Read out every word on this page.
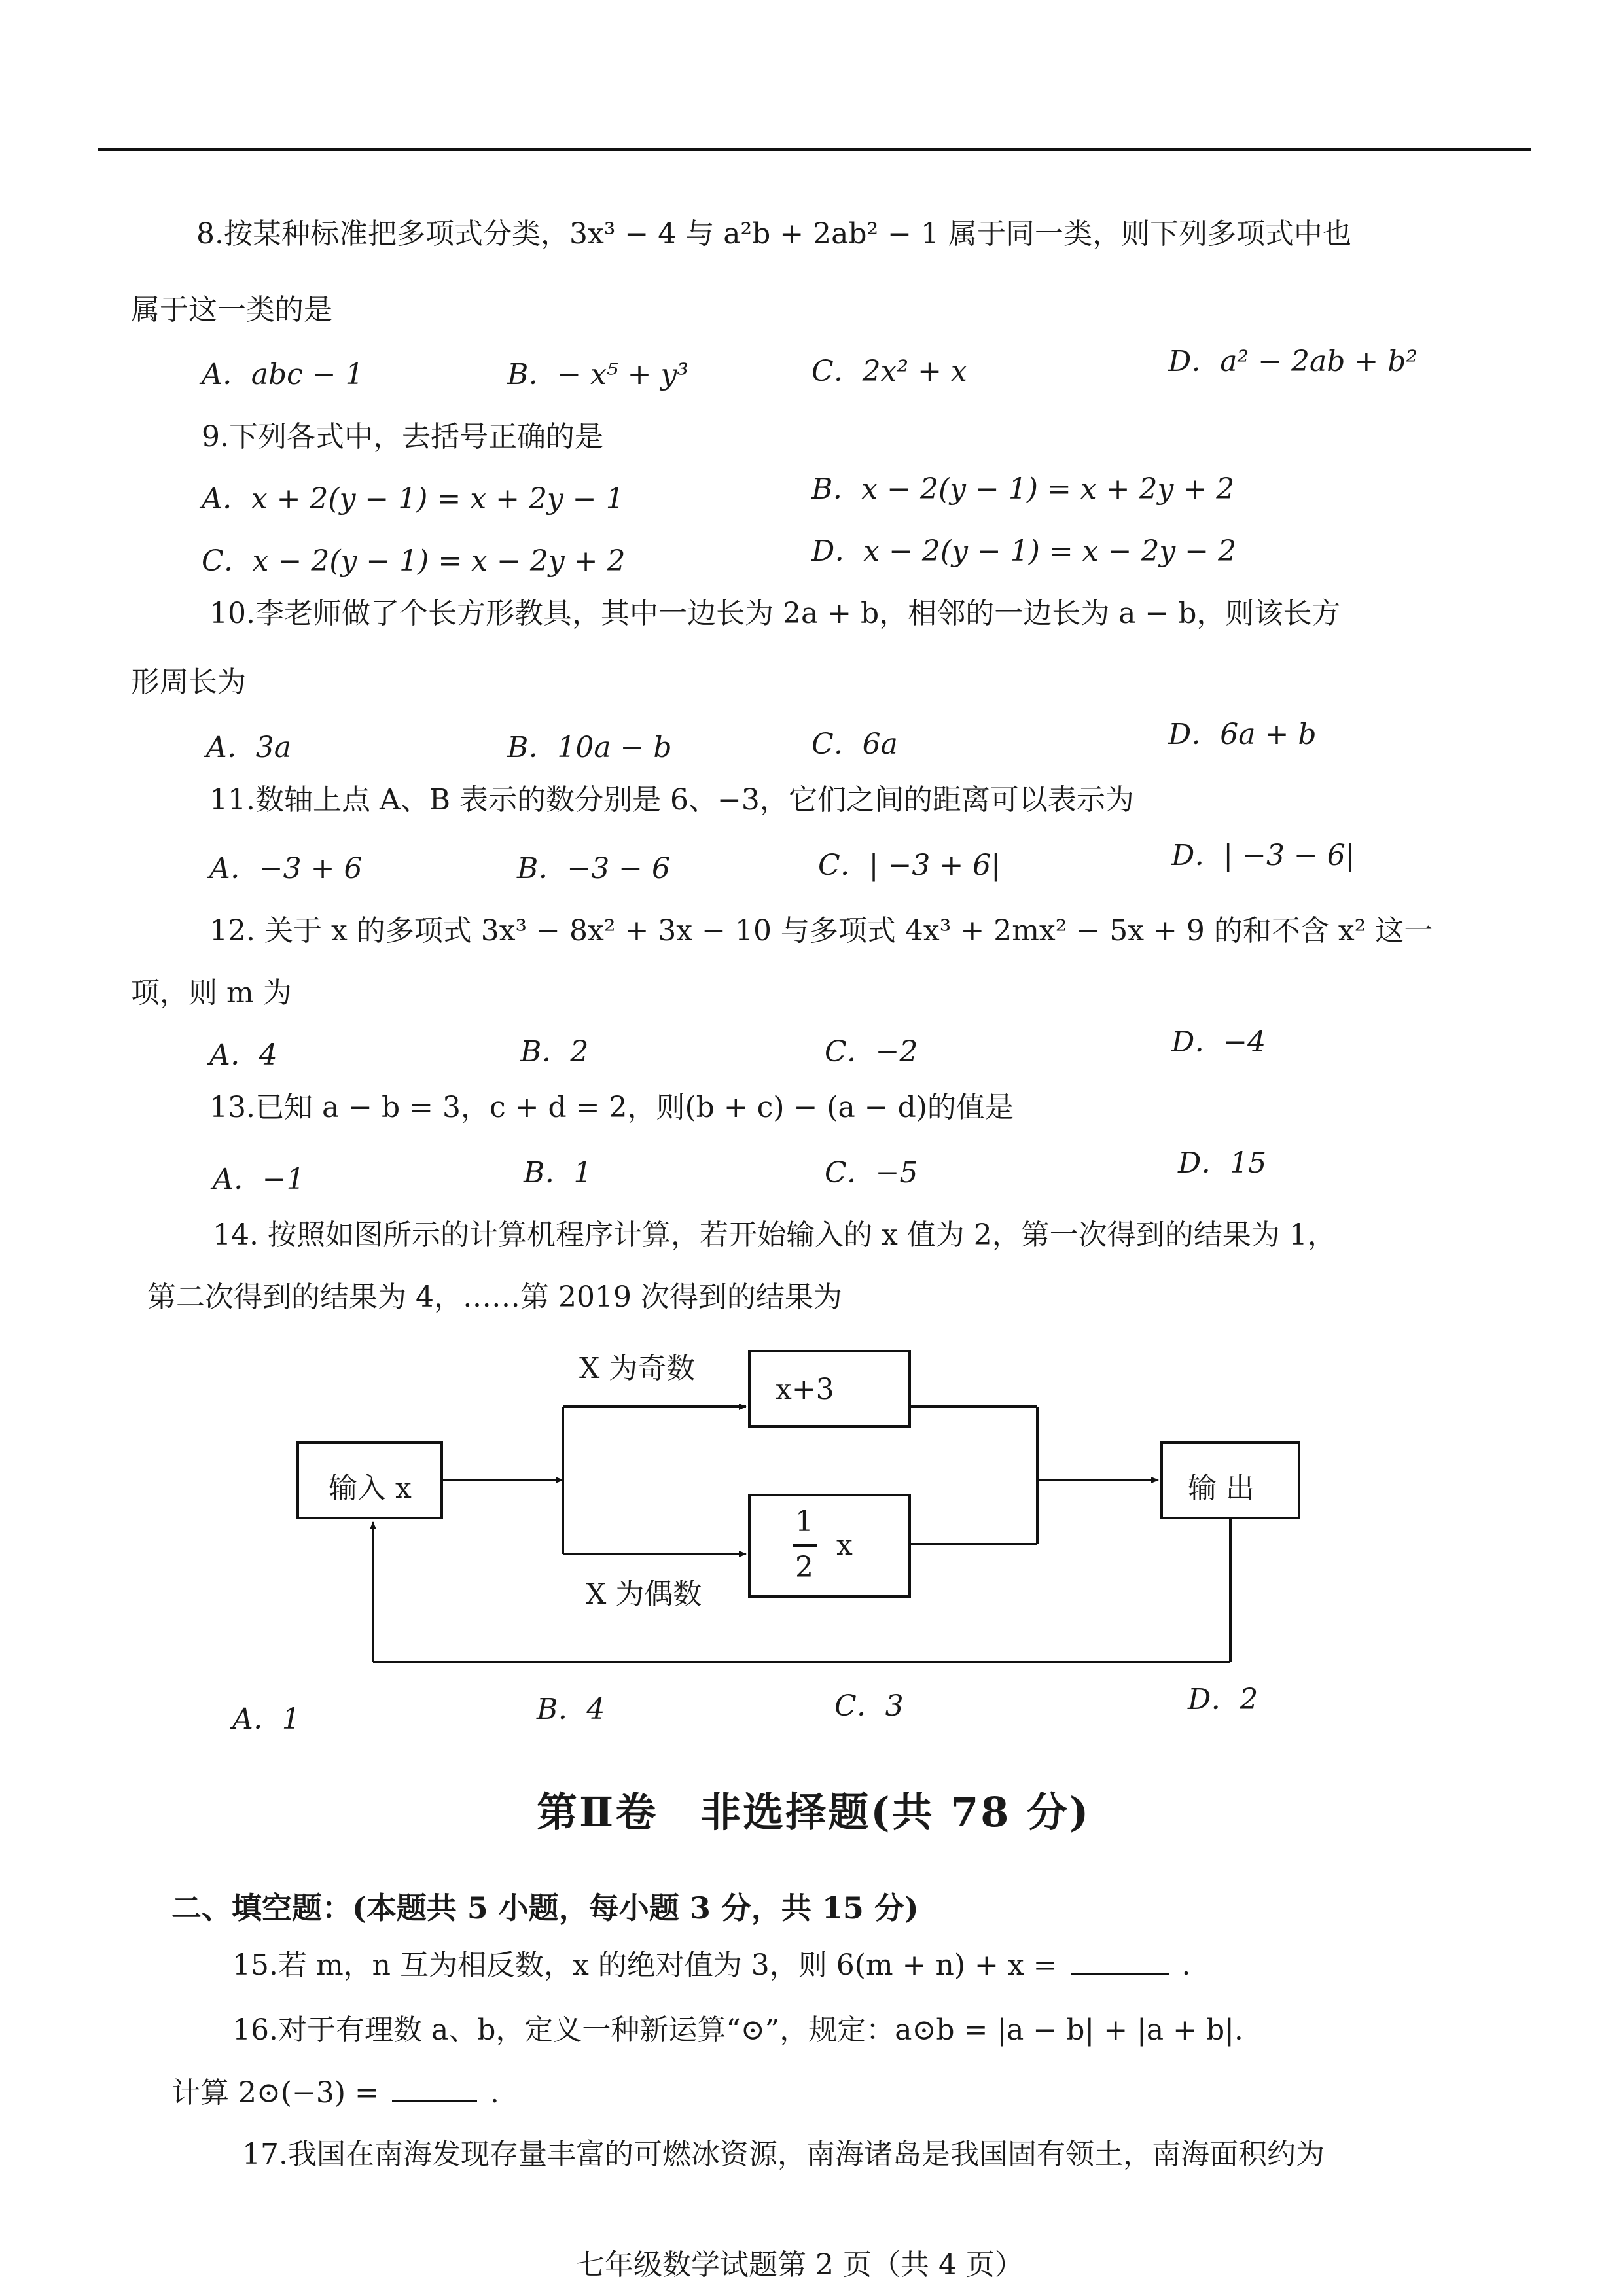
8.按某种标准把多项式分类，3x³ − 4 与 a²b + 2ab² − 1 属于同一类，则下列多项式中也
属于这一类的是
A．abc − 1	B．− x⁵ + y³	C．2x² + x	D．a² − 2ab + b²
9.下列各式中，去括号正确的是
A．x + 2(y − 1) = x + 2y − 1	B．x − 2(y − 1) = x + 2y + 2
C．x − 2(y − 1) = x − 2y + 2	D．x − 2(y − 1) = x − 2y − 2
10.李老师做了个长方形教具，其中一边长为 2a + b，相邻的一边长为 a − b，则该长方
形周长为
A．3a	B．10a − b	C．6a	D．6a + b
11.数轴上点 A、B 表示的数分别是 6、−3，它们之间的距离可以表示为
A．−3 + 6	B．−3 − 6	C．| −3 + 6|	D．| −3 − 6|
12. 关于 x 的多项式 3x³ − 8x² + 3x − 10 与多项式 4x³ + 2mx² − 5x + 9 的和不含 x² 这一
项，则 m 为
A．4	B．2	C．−2	D．−4
13.已知 a − b = 3，c + d = 2，则(b + c) − (a − d)的值是
A．−1	B．1	C．−5	D．15
14. 按照如图所示的计算机程序计算，若开始输入的 x 值为 2，第一次得到的结果为 1，
第二次得到的结果为 4，……第 2019 次得到的结果为
X 为奇数
X 为偶数
输入 x
x+3
1
2
x
输 出
A．1	B．4	C．3	D．2
第Ⅱ卷　非选择题(共 78 分)
二、填空题：(本题共 5 小题，每小题 3 分，共 15 分)
15.若 m，n 互为相反数，x 的绝对值为 3，则 6(m + n) + x =	.
16.对于有理数 a、b，定义一种新运算“⊙”，规定：a⊙b = |a − b| + |a + b|.
计算 2⊙(−3) =	.
17.我国在南海发现存量丰富的可燃冰资源，南海诸岛是我国固有领土，南海面积约为
七年级数学试题第 2 页（共 4 页）
